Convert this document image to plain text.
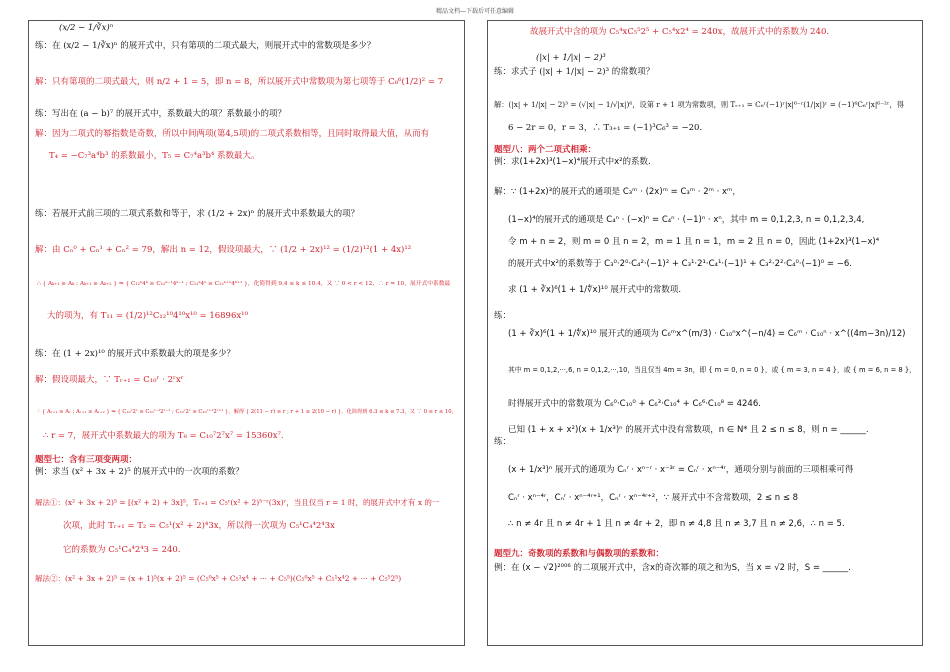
精品文档—下载后可任意编辑
(x/2 − 1/∛x)ⁿ
练：在 (x/2 − 1/∛x)ⁿ 的展开式中，只有第项的二项式最大，则展开式中的常数项是多少？
解：只有第项的二项式最大，则 n/2 + 1 = 5，即 n = 8，所以展开式中常数项为第七项等于 C₈⁶(1/2)² = 7
练：写出在 (a − b)⁷ 的展开式中，系数最大的项？系数最小的项？
解：因为二项式的幂指数是奇数，所以中间两项(第4,5项)的二项式系数相等，且同时取得最大值，从而有
T₄ = −C₇³a⁴b³ 的系数最小，T₅ = C₇⁴a³b⁴ 系数最大。
练：若展开式前三项的二项式系数和等于，求 (1/2 + 2x)ⁿ 的展开式中系数最大的项？
解：由 Cₙ⁰ + Cₙ¹ + Cₙ² = 79，解出 n = 12，假设项最大，∵ (1/2 + 2x)¹² = (1/2)¹²(1 + 4x)¹²
∴ { Aₖ₊₁ ≥ Aₖ ; Aₖ₊₁ ≥ Aₖ₊₂ } ⇒ { C₁₂ᵏ4ᵏ ≥ C₁₂ᵏ⁻¹4ᵏ⁻¹ ; C₁₂ᵏ4ᵏ ≥ C₁₂ᵏ⁺¹4ᵏ⁺¹ }，化简得到 9.4 ≤ k ≤ 10.4，又 ∵ 0 < r < 12，∴ r = 10，展开式中系数最
大的项为，有 T₁₁ = (1/2)¹²C₁₂¹⁰4¹⁰x¹⁰ = 16896x¹⁰
练：在 (1 + 2x)¹⁰ 的展开式中系数最大的项是多少？
解：假设项最大，∵ Tᵣ₊₁ = C₁₀ʳ · 2ʳxʳ
∴ { Aᵣ₊₁ ≥ Aᵣ ; Aᵣ₊₁ ≥ Aᵣ₊₂ } ⇒ { C₁₀ʳ2ʳ ≥ C₁₀ʳ⁻¹2ʳ⁻¹ ; C₁₀ʳ2ʳ ≥ C₁₀ʳ⁺¹2ʳ⁺¹ }，解得 { 2(11 − r) ≥ r ; r + 1 ≥ 2(10 − r) }，化简得到 6.3 ≤ k ≤ 7.3，又 ∵ 0 ≤ r ≤ 10，
∴ r = 7，展开式中系数最大的项为 T₈ = C₁₀⁷2⁷x⁷ = 15360x⁷.
题型七：含有三项变两项：
例：求当 (x² + 3x + 2)⁵ 的展开式中的一次项的系数？
解法①：(x² + 3x + 2)⁵ = [(x² + 2) + 3x]⁵，Tᵣ₊₁ = C₅ʳ(x² + 2)⁵⁻ʳ(3x)ʳ，当且仅当 r = 1 时，的展开式中才有 x 的一
次项，此时 Tᵣ₊₁ = T₂ = C₅¹(x² + 2)⁴3x，所以得一次项为 C₅¹C₄⁴2⁴3x
它的系数为 C₅¹C₄⁴2⁴3 = 240.
解法②：(x² + 3x + 2)⁵ = (x + 1)⁵(x + 2)⁵ = (C₅⁰x⁵ + C₅¹x⁴ + ··· + C₅⁵)(C₅⁰x⁵ + C₅¹x⁴2 + ··· + C₅⁵2⁵)
故展开式中含的项为 C₅⁴xC₅⁵2⁵ + C₅⁴x2⁴ = 240x，故展开式中的系数为 240.
(|x| + 1/|x| − 2)³
练：求式子 (|x| + 1/|x| − 2)³ 的常数项？
解：(|x| + 1/|x| − 2)³ = (√|x| − 1/√|x|)⁶，设第 r + 1 项为常数项，则 Tᵣ₊₁ = C₆ʳ(−1)ʳ|x|⁶⁻ʳ(1/|x|)ʳ = (−1)⁶C₆ʳ|x|⁶⁻²ʳ，得
6 − 2r = 0，r = 3，∴ T₃₊₁ = (−1)³C₆³ = −20.
题型八：两个二项式相乘：
例：求(1+2x)³(1−x)⁴展开式中x²的系数.
解：∵ (1+2x)³的展开式的通项是 C₃ᵐ · (2x)ᵐ = C₃ᵐ · 2ᵐ · xᵐ，
(1−x)⁴的展开式的通项是 C₄ⁿ · (−x)ⁿ = C₄ⁿ · (−1)ⁿ · xⁿ，其中 m = 0,1,2,3, n = 0,1,2,3,4,
令 m + n = 2，则 m = 0 且 n = 2，m = 1 且 n = 1，m = 2 且 n = 0，因此 (1+2x)³(1−x)⁴
的展开式中x²的系数等于 C₃⁰·2⁰·C₄²·(−1)² + C₃¹·2¹·C₄¹·(−1)¹ + C₃²·2²·C₄⁰·(−1)⁰ = −6.
求 (1 + ∛x)⁶(1 + 1/∜x)¹⁰ 展开式中的常数项.
练：
(1 + ∛x)⁶(1 + 1/∜x)¹⁰ 展开式的通项为 C₆ᵐx^(m/3) · C₁₀ⁿx^(−n/4) = C₆ᵐ · C₁₀ⁿ · x^((4m−3n)/12)
其中 m = 0,1,2,···,6, n = 0,1,2,···,10，当且仅当 4m = 3n，即 { m = 0, n = 0 }，或 { m = 3, n = 4 }，或 { m = 6, n = 8 }，
时得展开式中的常数项为 C₆⁰·C₁₀⁰ + C₆³·C₁₀⁴ + C₆⁶·C₁₀⁸ = 4246.
已知 (1 + x + x²)(x + 1/x³)ⁿ 的展开式中没有常数项，n ∈ N* 且 2 ≤ n ≤ 8，则 n = ______.
练：
(x + 1/x³)ⁿ 展开式的通项为 Cₙʳ · xⁿ⁻ʳ · x⁻³ʳ = Cₙʳ · xⁿ⁻⁴ʳ，通项分别与前面的三项相乘可得
Cₙʳ · xⁿ⁻⁴ʳ，Cₙʳ · xⁿ⁻⁴ʳ⁺¹，Cₙʳ · xⁿ⁻⁴ʳ⁺²，∵ 展开式中不含常数项，2 ≤ n ≤ 8
∴ n ≠ 4r 且 n ≠ 4r + 1 且 n ≠ 4r + 2，即 n ≠ 4,8 且 n ≠ 3,7 且 n ≠ 2,6，∴ n = 5.
题型九：奇数项的系数和与偶数项的系数和：
例：在 (x − √2)²⁰⁰⁶ 的二项展开式中，含x的奇次幂的项之和为S，当 x = √2 时，S = ______.
